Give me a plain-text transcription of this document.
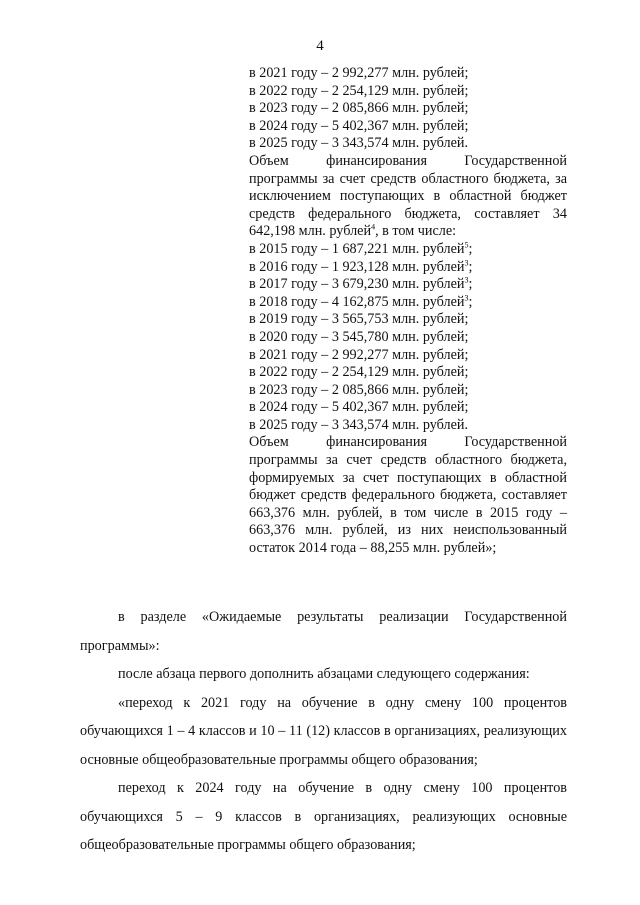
4
в 2021 году – 2 992,277 млн. рублей;
в 2022 году – 2 254,129 млн. рублей;
в 2023 году – 2 085,866 млн. рублей;
в 2024 году – 5 402,367 млн. рублей;
в 2025 году – 3 343,574 млн. рублей.
Объем финансирования Государственной программы за счет средств областного бюджета, за исключением поступающих в областной бюджет средств федерального бюджета, составляет 34 642,198 млн. рублей$^4$, в том числе:
в 2015 году – 1 687,221 млн. рублей$^5$;
в 2016 году – 1 923,128 млн. рублей$^3$;
в 2017 году – 3 679,230 млн. рублей$^3$;
в 2018 году – 4 162,875 млн. рублей$^3$;
в 2019 году – 3 565,753 млн. рублей;
в 2020 году – 3 545,780 млн. рублей;
в 2021 году – 2 992,277 млн. рублей;
в 2022 году – 2 254,129 млн. рублей;
в 2023 году – 2 085,866 млн. рублей;
в 2024 году – 5 402,367 млн. рублей;
в 2025 году – 3 343,574 млн. рублей.
Объем финансирования Государственной программы за счет средств областного бюджета, формируемых за счет поступающих в областной бюджет средств федерального бюджета, составляет 663,376 млн. рублей, в том числе в 2015 году – 663,376 млн. рублей, из них неиспользованный остаток 2014 года – 88,255 млн. рублей»;

в разделе «Ожидаемые результаты реализации Государственной программы»:

после абзаца первого дополнить абзацами следующего содержания:

«переход к 2021 году на обучение в одну смену 100 процентов обучающихся 1 – 4 классов и 10 – 11 (12) классов в организациях, реализующих основные общеобразовательные программы общего образования;

переход к 2024 году на обучение в одну смену 100 процентов обучающихся 5 – 9 классов в организациях, реализующих основные общеобразовательные программы общего образования;
